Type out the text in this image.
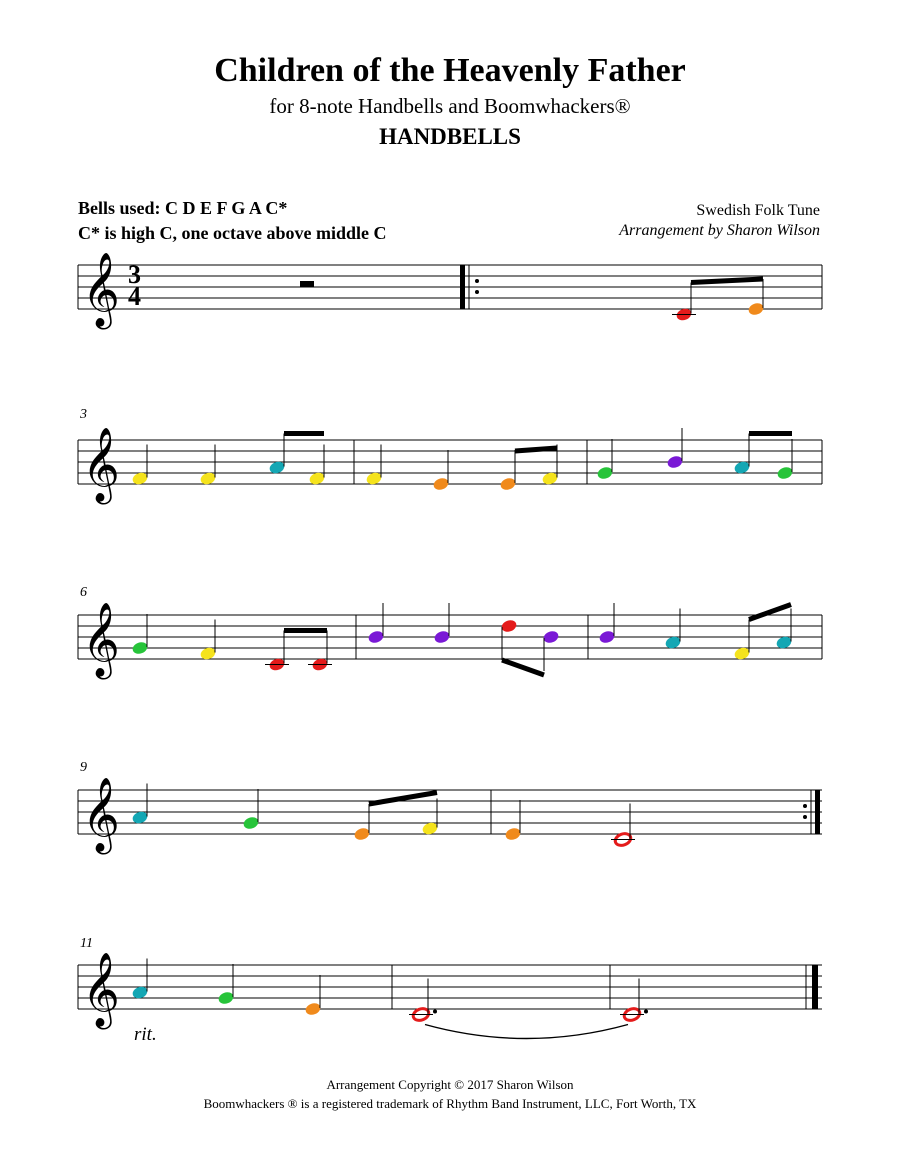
Children of the Heavenly Father
for 8-note Handbells and Boomwhackers®
HANDBELLS
Bells used: C D E F G A C*
C* is high C, one octave above middle C
Swedish Folk Tune
Arrangement by Sharon Wilson
𝄞
𝄞
𝄞
𝄞
𝄞
3
4
3
6
9
11
rit.
Arrangement Copyright © 2017 Sharon Wilson
Boomwhackers ® is a registered trademark of Rhythm Band Instrument, LLC, Fort Worth, TX
